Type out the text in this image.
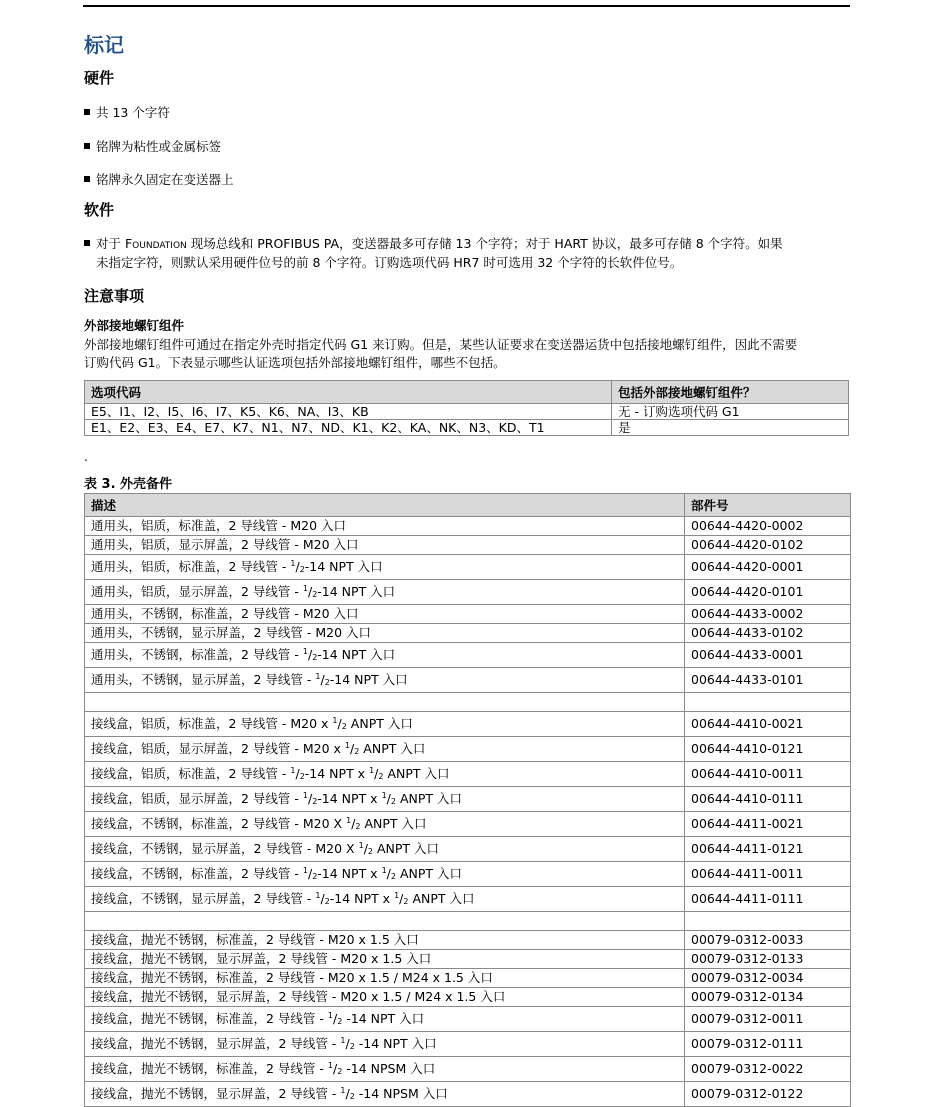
标记
硬件
共 13 个字符
铭牌为粘性或金属标签
铭牌永久固定在变送器上
软件
对于 Foundation 现场总线和 PROFIBUS PA，变送器最多可存储 13 个字符；对于 HART 协议，最多可存储 8 个字符。如果
未指定字符，则默认采用硬件位号的前 8 个字符。订购选项代码 HR7 时可选用 32 个字符的长软件位号。
注意事项
外部接地螺钉组件
外部接地螺钉组件可通过在指定外壳时指定代码 G1 来订购。但是，某些认证要求在变送器运货中包括接地螺钉组件，因此不需要
订购代码 G1。下表显示哪些认证选项包括外部接地螺钉组件，哪些不包括。
选项代码	包括外部接地螺钉组件？
E5、I1、I2、I5、I6、I7、K5、K6、NA、I3、KB	无 - 订购选项代码 G1
E1、E2、E3、E4、E7、K7、N1、N7、ND、K1、K2、KA、NK、N3、KD、T1	是
.
表 3. 外壳备件
描述	部件号
通用头，铝质，标准盖，2 导线管 - M20 入口	00644-4420-0002
通用头，铝质，显示屏盖，2 导线管 - M20 入口	00644-4420-0102
通用头，铝质，标准盖，2 导线管 - $^1/_2-14$ NPT 入口	00644-4420-0001
通用头，铝质，显示屏盖，2 导线管 - $^1/_2-14$ NPT 入口	00644-4420-0101
通用头，不锈钢，标准盖，2 导线管 - M20 入口	00644-4433-0002
通用头，不锈钢，显示屏盖，2 导线管 - M20 入口	00644-4433-0102
通用头，不锈钢，标准盖，2 导线管 - $^1/_2-14$ NPT 入口	00644-4433-0001
通用头，不锈钢，显示屏盖，2 导线管 - $^1/_2-14$ NPT 入口	00644-4433-0101

接线盒，铝质，标准盖，2 导线管 - M20 x $^1/_2$ ANPT 入口	00644-4410-0021
接线盒，铝质，显示屏盖，2 导线管 - M20 x $^1/_2$ ANPT 入口	00644-4410-0121
接线盒，铝质，标准盖，2 导线管 - $^1/_2-14$ NPT x $^1/_2$ ANPT 入口	00644-4410-0011
接线盒，铝质，显示屏盖，2 导线管 - $^1/_2-14$ NPT x $^1/_2$ ANPT 入口	00644-4410-0111
接线盒，不锈钢，标准盖，2 导线管 - M20 X $^1/_2$ ANPT 入口	00644-4411-0021
接线盒，不锈钢，显示屏盖，2 导线管 - M20 X $^1/_2$ ANPT 入口	00644-4411-0121
接线盒，不锈钢，标准盖，2 导线管 - $^1/_2-14$ NPT x $^1/_2$ ANPT 入口	00644-4411-0011
接线盒，不锈钢，显示屏盖，2 导线管 - $^1/_2-14$ NPT x $^1/_2$ ANPT 入口	00644-4411-0111

接线盒，抛光不锈钢，标准盖，2 导线管 - M20 x 1.5 入口	00079-0312-0033
接线盒，抛光不锈钢，显示屏盖，2 导线管 - M20 x 1.5 入口	00079-0312-0133
接线盒，抛光不锈钢，标准盖，2 导线管 - M20 x 1.5 / M24 x 1.5 入口	00079-0312-0034
接线盒，抛光不锈钢，显示屏盖，2 导线管 - M20 x 1.5 / M24 x 1.5 入口	00079-0312-0134
接线盒，抛光不锈钢，标准盖，2 导线管 - $^1/_2$ -14 NPT 入口	00079-0312-0011
接线盒，抛光不锈钢，显示屏盖，2 导线管 - $^1/_2$ -14 NPT 入口	00079-0312-0111
接线盒，抛光不锈钢，标准盖，2 导线管 - $^1/_2$ -14 NPSM 入口	00079-0312-0022
接线盒，抛光不锈钢，显示屏盖，2 导线管 - $^1/_2$ -14 NPSM 入口	00079-0312-0122
